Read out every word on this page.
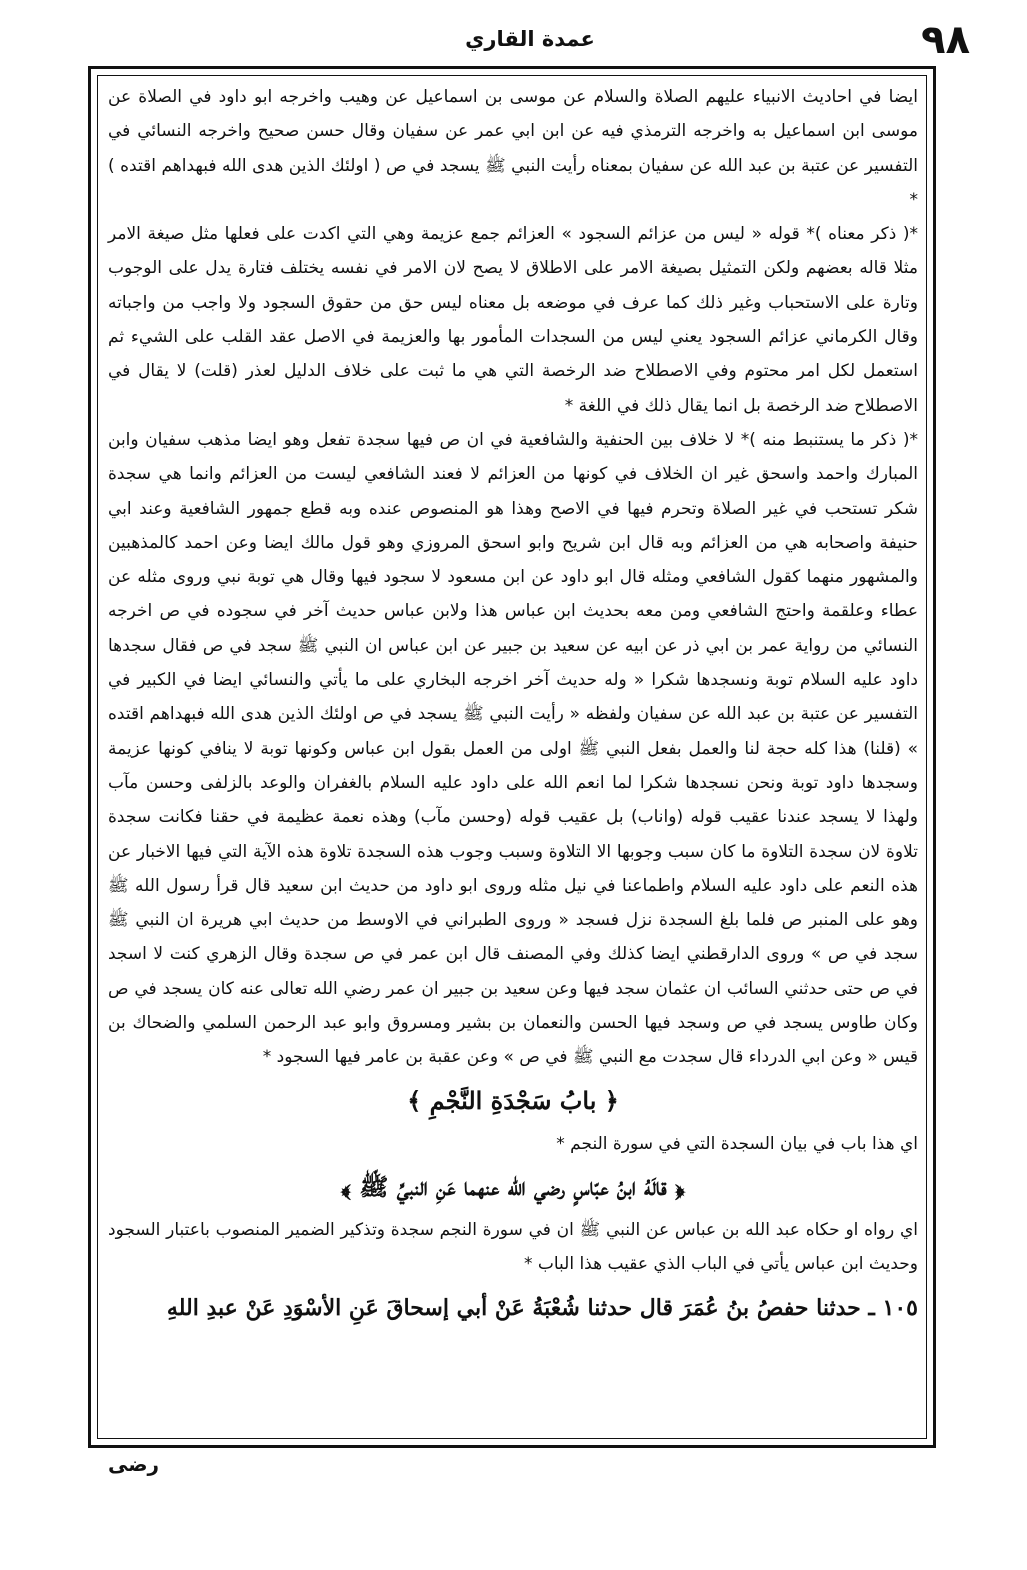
٩٨
عمدة القاري

ايضا في احاديث الانبياء عليهم الصلاة والسلام عن موسى بن اسماعيل عن وهيب واخرجه ابو داود في الصلاة عن موسى ابن اسماعيل به واخرجه الترمذي فيه عن ابن ابي عمر عن سفيان وقال حسن صحيح واخرجه النسائي في التفسير عن عتبة بن عبد الله عن سفيان بمعناه رأيت النبي ﷺ يسجد في ص ( اولئك الذين هدى الله فبهداهم اقتده ) *

*( ذكر معناه )* قوله « ليس من عزائم السجود » العزائم جمع عزيمة وهي التي اكدت على فعلها مثل صيغة الامر مثلا قاله بعضهم ولكن التمثيل بصيغة الامر على الاطلاق لا يصح لان الامر في نفسه يختلف فتارة يدل على الوجوب وتارة على الاستحباب وغير ذلك كما عرف في موضعه بل معناه ليس حق من حقوق السجود ولا واجب من واجباته وقال الكرماني عزائم السجود يعني ليس من السجدات المأمور بها والعزيمة في الاصل عقد القلب على الشيء ثم استعمل لكل امر محتوم وفي الاصطلاح ضد الرخصة التي هي ما ثبت على خلاف الدليل لعذر (قلت) لا يقال في الاصطلاح ضد الرخصة بل انما يقال ذلك في اللغة *

*( ذكر ما يستنبط منه )* لا خلاف بين الحنفية والشافعية في ان ص فيها سجدة تفعل وهو ايضا مذهب سفيان وابن المبارك واحمد واسحق غير ان الخلاف في كونها من العزائم لا فعند الشافعي ليست من العزائم وانما هي سجدة شكر تستحب في غير الصلاة وتحرم فيها في الاصح وهذا هو المنصوص عنده وبه قطع جمهور الشافعية وعند ابي حنيفة واصحابه هي من العزائم وبه قال ابن شريح وابو اسحق المروزي وهو قول مالك ايضا وعن احمد كالمذهبين والمشهور منهما كقول الشافعي ومثله قال ابو داود عن ابن مسعود لا سجود فيها وقال هي توبة نبي وروى مثله عن عطاء وعلقمة واحتج الشافعي ومن معه بحديث ابن عباس هذا ولابن عباس حديث آخر في سجوده في ص اخرجه النسائي من رواية عمر بن ابي ذر عن ابيه عن سعيد بن جبير عن ابن عباس ان النبي ﷺ سجد في ص فقال سجدها داود عليه السلام توبة ونسجدها شكرا « وله حديث آخر اخرجه البخاري على ما يأتي والنسائي ايضا في الكبير في التفسير عن عتبة بن عبد الله عن سفيان ولفظه « رأيت النبي ﷺ يسجد في ص اولئك الذين هدى الله فبهداهم اقتده » (قلنا) هذا كله حجة لنا والعمل بفعل النبي ﷺ اولى من العمل بقول ابن عباس وكونها توبة لا ينافي كونها عزيمة وسجدها داود توبة ونحن نسجدها شكرا لما انعم الله على داود عليه السلام بالغفران والوعد بالزلفى وحسن مآب ولهذا لا يسجد عندنا عقيب قوله (واناب) بل عقيب قوله (وحسن مآب) وهذه نعمة عظيمة في حقنا فكانت سجدة تلاوة لان سجدة التلاوة ما كان سبب وجوبها الا التلاوة وسبب وجوب هذه السجدة تلاوة هذه الآية التي فيها الاخبار عن هذه النعم على داود عليه السلام واطماعنا في نيل مثله وروى ابو داود من حديث ابن سعيد قال قرأ رسول الله ﷺ وهو على المنبر ص فلما بلغ السجدة نزل فسجد « وروى الطبراني في الاوسط من حديث ابي هريرة ان النبي ﷺ سجد في ص » وروى الدارقطني ايضا كذلك وفي المصنف قال ابن عمر في ص سجدة وقال الزهري كنت لا اسجد في ص حتى حدثني السائب ان عثمان سجد فيها وعن سعيد بن جبير ان عمر رضي الله تعالى عنه كان يسجد في ص وكان طاوس يسجد في ص وسجد فيها الحسن والنعمان بن بشير ومسروق وابو عبد الرحمن السلمي والضحاك بن قيس « وعن ابي الدرداء قال سجدت مع النبي ﷺ في ص » وعن عقبة بن عامر فيها السجود *

﴿ بابُ سَجْدَةِ النَّجْمِ ﴾

اي هذا باب في بيان السجدة التي في سورة النجم *

﴿ قالَهُ ابنُ عبّاسٍ رضي الله عنهما عَنِ النبيِّ ﷺ ﴾

اي رواه او حكاه عبد الله بن عباس عن النبي ﷺ ان في سورة النجم سجدة وتذكير الضمير المنصوب باعتبار السجود وحديث ابن عباس يأتي في الباب الذي عقيب هذا الباب *

١٠٥ ـ حدثنا حفصُ بنُ عُمَرَ قال حدثنا شُعْبَةُ عَنْ أبي إسحاقَ عَنِ الأسْوَدِ عَنْ عبدِ اللهِ

رضى
